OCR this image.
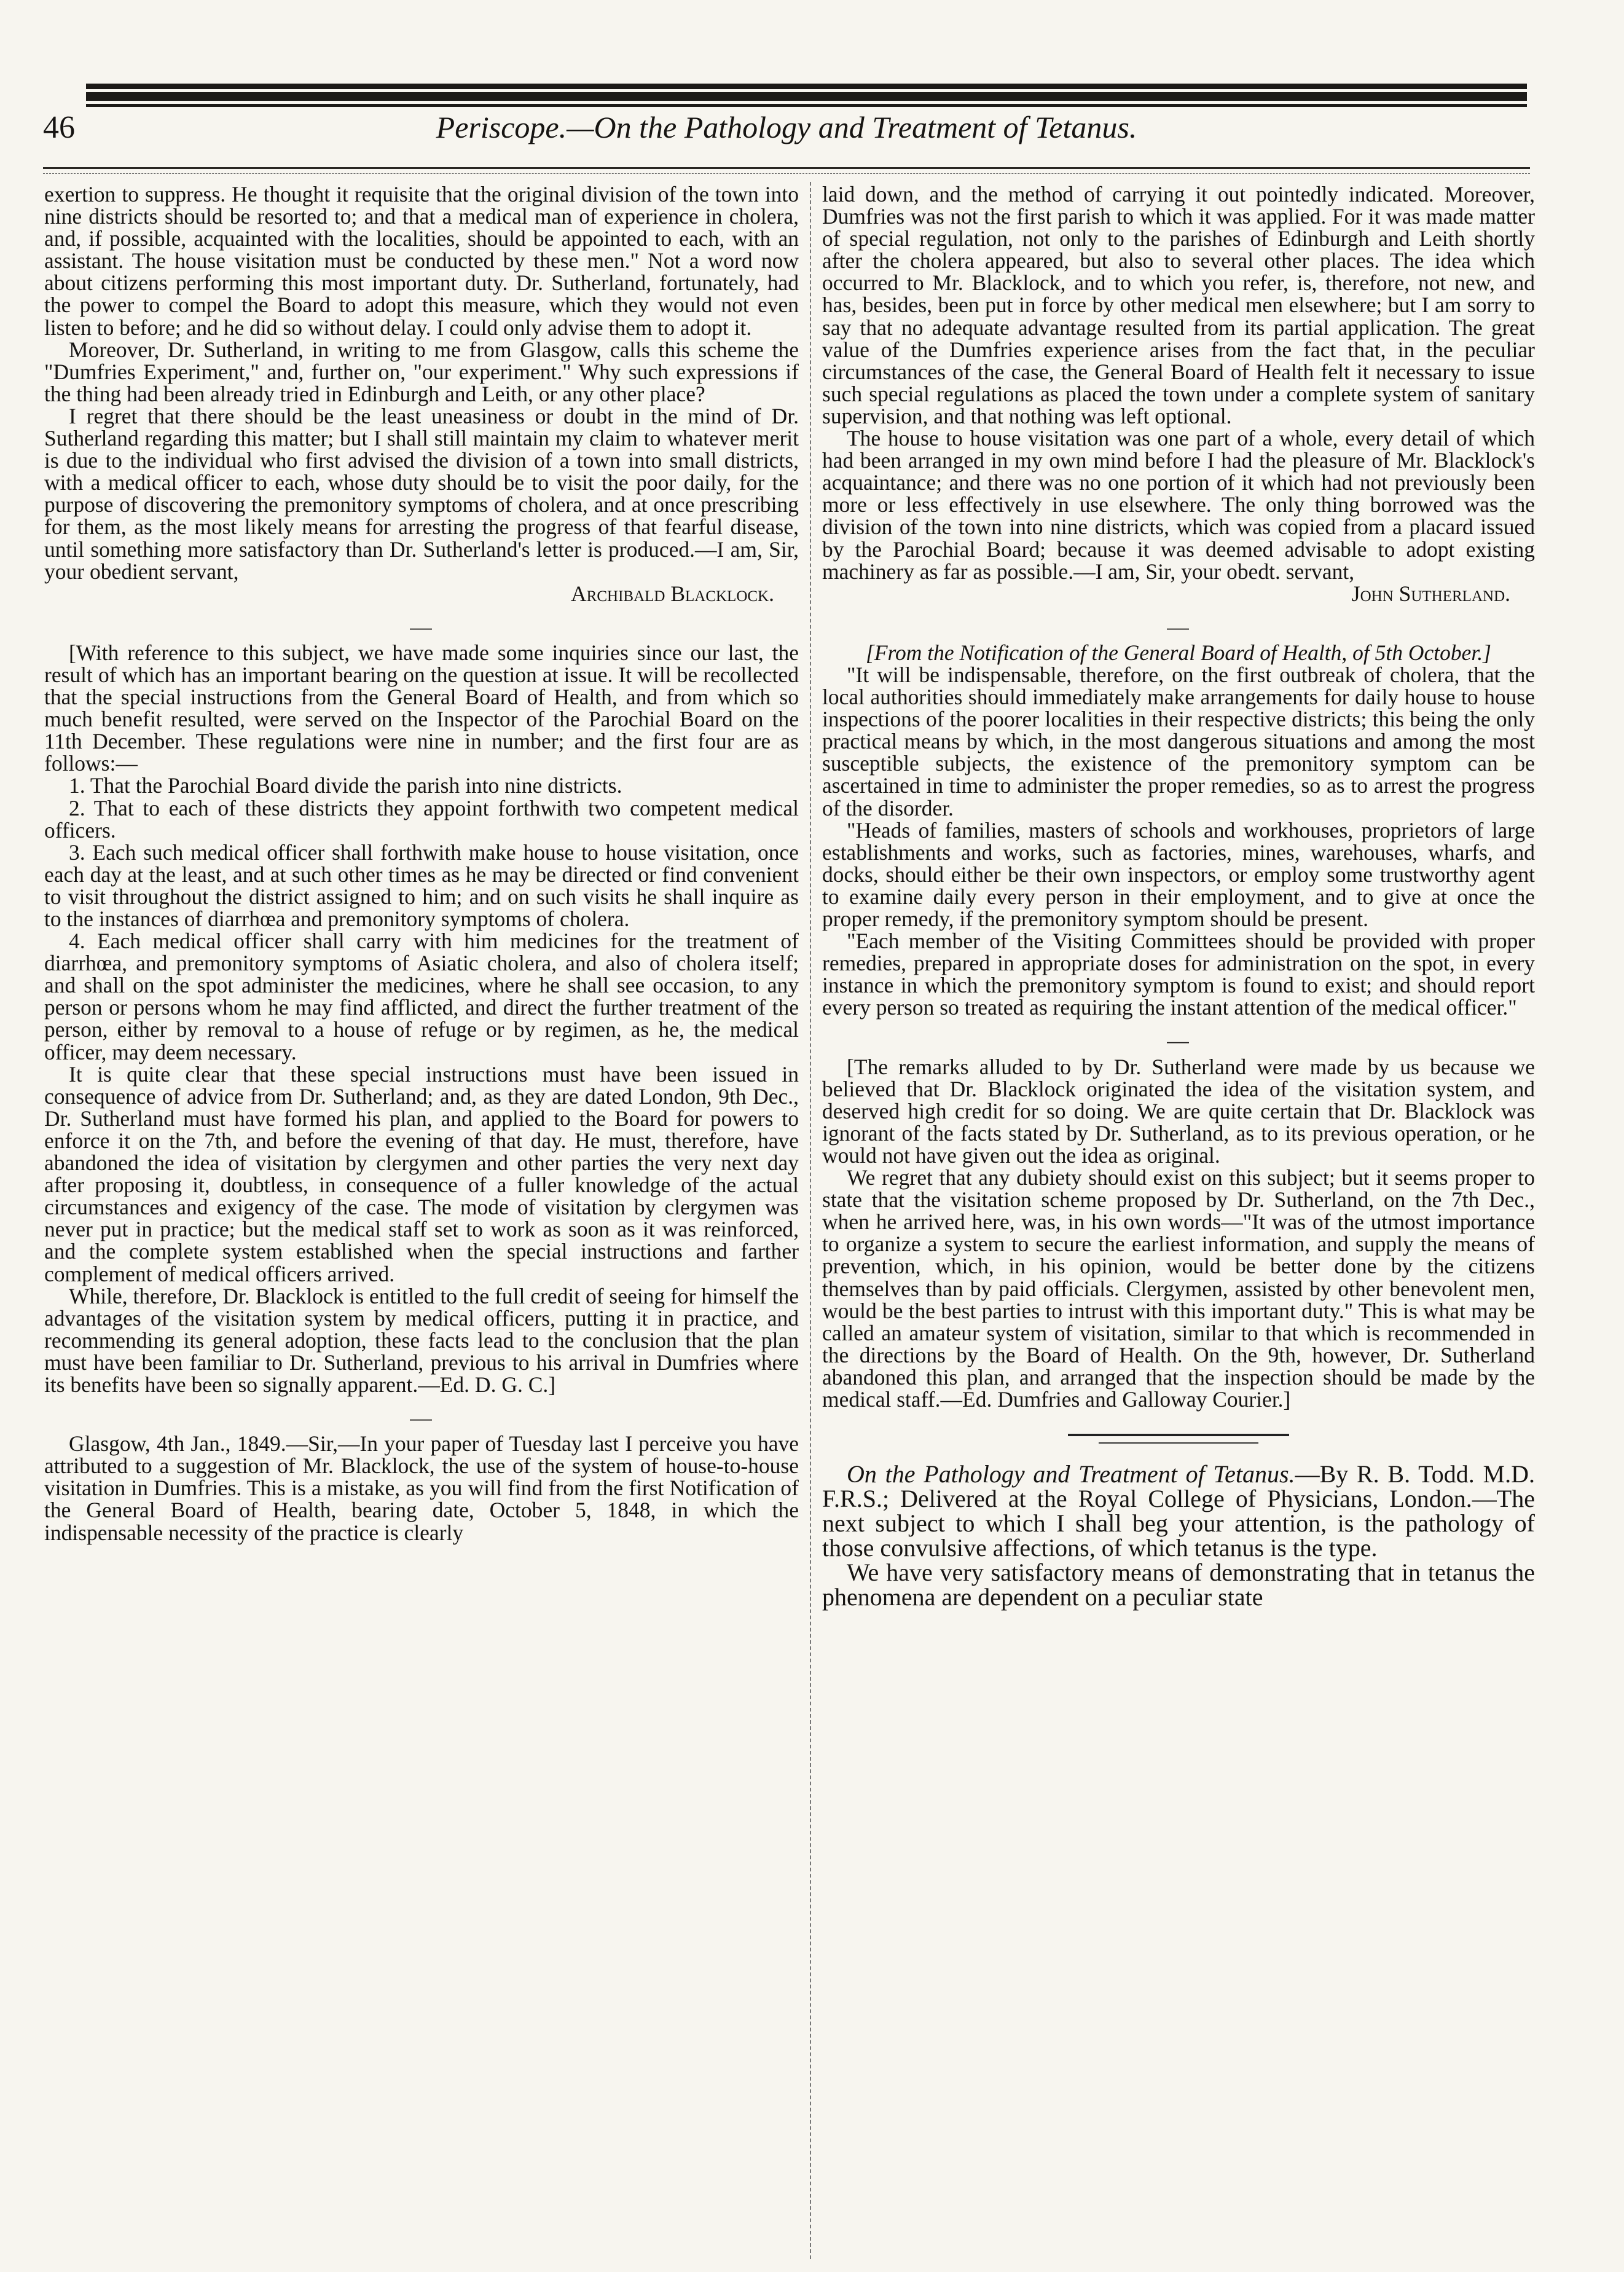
46	Periscope.—On the Pathology and Treatment of Tetanus.

exertion to suppress. He thought it requisite that the original division of the town into nine districts should be resorted to; and that a medical man of experience in cholera, and, if possible, acquainted with the localities, should be appointed to each, with an assistant. The house visitation must be conducted by these men." Not a word now about citizens performing this most important duty. Dr. Sutherland, fortunately, had the power to compel the Board to adopt this measure, which they would not even listen to before; and he did so without delay. I could only advise them to adopt it.

Moreover, Dr. Sutherland, in writing to me from Glasgow, calls this scheme the "Dumfries Experiment," and, further on, "our experiment." Why such expressions if the thing had been already tried in Edinburgh and Leith, or any other place?

I regret that there should be the least uneasiness or doubt in the mind of Dr. Sutherland regarding this matter; but I shall still maintain my claim to whatever merit is due to the individual who first advised the division of a town into small districts, with a medical officer to each, whose duty should be to visit the poor daily, for the purpose of discovering the premonitory symptoms of cholera, and at once prescribing for them, as the most likely means for arresting the progress of that fearful disease, until something more satisfactory than Dr. Sutherland's letter is produced.—I am, Sir, your obedient servant,

Archibald Blacklock.

—

[With reference to this subject, we have made some inquiries since our last, the result of which has an important bearing on the question at issue. It will be recollected that the special instructions from the General Board of Health, and from which so much benefit resulted, were served on the Inspector of the Parochial Board on the 11th December. These regulations were nine in number; and the first four are as follows:—

1. That the Parochial Board divide the parish into nine districts.

2. That to each of these districts they appoint forthwith two competent medical officers.

3. Each such medical officer shall forthwith make house to house visitation, once each day at the least, and at such other times as he may be directed or find convenient to visit throughout the district assigned to him; and on such visits he shall inquire as to the instances of diarrhœa and premonitory symptoms of cholera.

4. Each medical officer shall carry with him medicines for the treatment of diarrhœa, and premonitory symptoms of Asiatic cholera, and also of cholera itself; and shall on the spot administer the medicines, where he shall see occasion, to any person or persons whom he may find afflicted, and direct the further treatment of the person, either by removal to a house of refuge or by regimen, as he, the medical officer, may deem necessary.

It is quite clear that these special instructions must have been issued in consequence of advice from Dr. Sutherland; and, as they are dated London, 9th Dec., Dr. Sutherland must have formed his plan, and applied to the Board for powers to enforce it on the 7th, and before the evening of that day. He must, therefore, have abandoned the idea of visitation by clergymen and other parties the very next day after proposing it, doubtless, in consequence of a fuller knowledge of the actual circumstances and exigency of the case. The mode of visitation by clergymen was never put in practice; but the medical staff set to work as soon as it was reinforced, and the complete system established when the special instructions and farther complement of medical officers arrived.

While, therefore, Dr. Blacklock is entitled to the full credit of seeing for himself the advantages of the visitation system by medical officers, putting it in practice, and recommending its general adoption, these facts lead to the conclusion that the plan must have been familiar to Dr. Sutherland, previous to his arrival in Dumfries where its benefits have been so signally apparent.—Ed. D. G. C.]

—

Glasgow, 4th Jan., 1849.—Sir,—In your paper of Tuesday last I perceive you have attributed to a suggestion of Mr. Blacklock, the use of the system of house-to-house visitation in Dumfries. This is a mistake, as you will find from the first Notification of the General Board of Health, bearing date, October 5, 1848, in which the indispensable necessity of the practice is clearly

laid down, and the method of carrying it out pointedly indicated. Moreover, Dumfries was not the first parish to which it was applied. For it was made matter of special regulation, not only to the parishes of Edinburgh and Leith shortly after the cholera appeared, but also to several other places. The idea which occurred to Mr. Blacklock, and to which you refer, is, therefore, not new, and has, besides, been put in force by other medical men elsewhere; but I am sorry to say that no adequate advantage resulted from its partial application. The great value of the Dumfries experience arises from the fact that, in the peculiar circumstances of the case, the General Board of Health felt it necessary to issue such special regulations as placed the town under a complete system of sanitary supervision, and that nothing was left optional.

The house to house visitation was one part of a whole, every detail of which had been arranged in my own mind before I had the pleasure of Mr. Blacklock's acquaintance; and there was no one portion of it which had not previously been more or less effectively in use elsewhere. The only thing borrowed was the division of the town into nine districts, which was copied from a placard issued by the Parochial Board; because it was deemed advisable to adopt existing machinery as far as possible.—I am, Sir, your obedt. servant,

John Sutherland.

—

[From the Notification of the General Board of Health, of 5th October.]

"It will be indispensable, therefore, on the first outbreak of cholera, that the local authorities should immediately make arrangements for daily house to house inspections of the poorer localities in their respective districts; this being the only practical means by which, in the most dangerous situations and among the most susceptible subjects, the existence of the premonitory symptom can be ascertained in time to administer the proper remedies, so as to arrest the progress of the disorder.

"Heads of families, masters of schools and workhouses, proprietors of large establishments and works, such as factories, mines, warehouses, wharfs, and docks, should either be their own inspectors, or employ some trustworthy agent to examine daily every person in their employment, and to give at once the proper remedy, if the premonitory symptom should be present.

"Each member of the Visiting Committees should be provided with proper remedies, prepared in appropriate doses for administration on the spot, in every instance in which the premonitory symptom is found to exist; and should report every person so treated as requiring the instant attention of the medical officer."

—

[The remarks alluded to by Dr. Sutherland were made by us because we believed that Dr. Blacklock originated the idea of the visitation system, and deserved high credit for so doing. We are quite certain that Dr. Blacklock was ignorant of the facts stated by Dr. Sutherland, as to its previous operation, or he would not have given out the idea as original.

We regret that any dubiety should exist on this subject; but it seems proper to state that the visitation scheme proposed by Dr. Sutherland, on the 7th Dec., when he arrived here, was, in his own words—"It was of the utmost importance to organize a system to secure the earliest information, and supply the means of prevention, which, in his opinion, would be better done by the citizens themselves than by paid officials. Clergymen, assisted by other benevolent men, would be the best parties to intrust with this important duty." This is what may be called an amateur system of visitation, similar to that which is recommended in the directions by the Board of Health. On the 9th, however, Dr. Sutherland abandoned this plan, and arranged that the inspection should be made by the medical staff.—Ed. Dumfries and Galloway Courier.]

On the Pathology and Treatment of Tetanus.—By R. B. Todd. M.D. F.R.S.; Delivered at the Royal College of Physicians, London.—The next subject to which I shall beg your attention, is the pathology of those convulsive affections, of which tetanus is the type.

We have very satisfactory means of demonstrating that in tetanus the phenomena are dependent on a peculiar state
